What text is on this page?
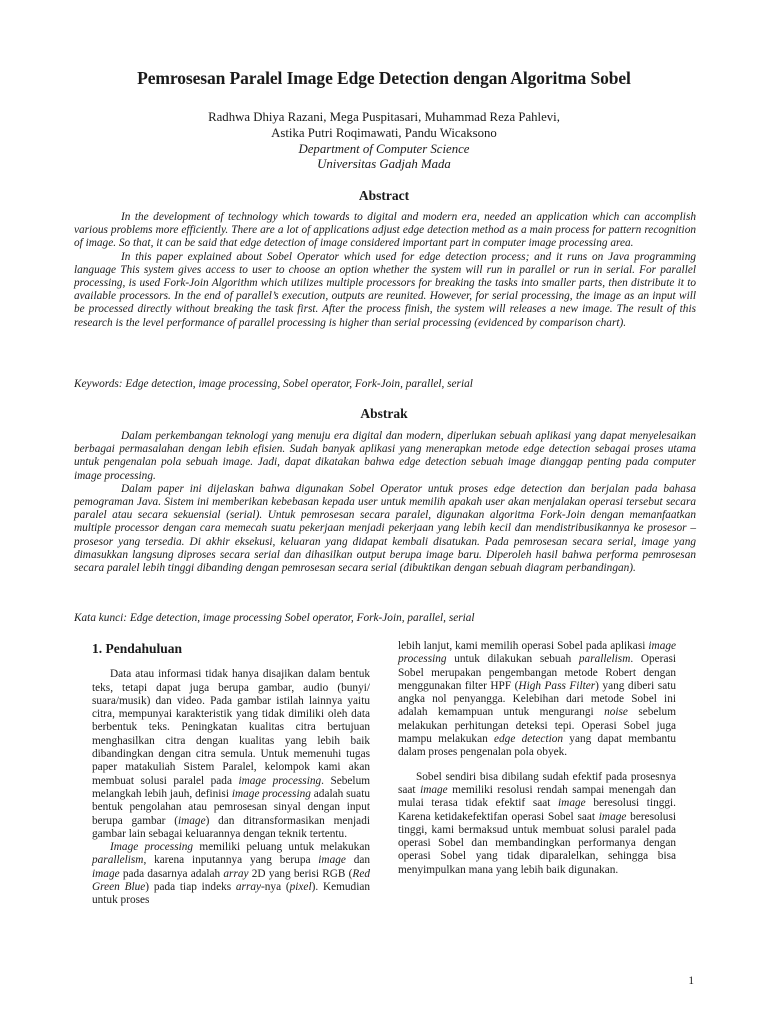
Pemrosesan Paralel Image Edge Detection dengan Algoritma Sobel
Radhwa Dhiya Razani, Mega Puspitasari, Muhammad Reza Pahlevi,
Astika Putri Roqimawati, Pandu Wicaksono
Department of Computer Science
Universitas Gadjah Mada
Abstract

In the development of technology which towards to digital and modern era, needed an application which can accomplish various problems more efficiently. There are a lot of applications adjust edge detection method as a main process for pattern recognition of image. So that, it can be said that edge detection of image considered important part in computer image processing area.

In this paper explained about Sobel Operator which used for edge detection process; and it runs on Java programming language This system gives access to user to choose an option whether the system will run in parallel or run in serial. For parallel processing, is used Fork-Join Algorithm which utilizes multiple processors for breaking the tasks into smaller parts, then distribute it to available processors. In the end of parallel’s execution, outputs are reunited. However, for serial processing, the image as an input will be processed directly without breaking the task first. After the process finish, the system will releases a new image. The result of this research is the level performance of parallel processing is higher than serial processing (evidenced by comparison chart).

Keywords: Edge detection, image processing, Sobel operator, Fork-Join, parallel, serial
Abstrak

Dalam perkembangan teknologi yang menuju era digital dan modern, diperlukan sebuah aplikasi yang dapat menyelesaikan berbagai permasalahan dengan lebih efisien. Sudah banyak aplikasi yang menerapkan metode edge detection sebagai proses utama untuk pengenalan pola sebuah image. Jadi, dapat dikatakan bahwa edge detection sebuah image dianggap penting pada computer image processing.

Dalam paper ini dijelaskan bahwa digunakan Sobel Operator untuk proses edge detection dan berjalan pada bahasa pemograman Java. Sistem ini memberikan kebebasan kepada user untuk memilih apakah user akan menjalakan operasi tersebut secara paralel atau secara sekuensial (serial). Untuk pemrosesan secara paralel, digunakan algoritma Fork-Join dengan memanfaatkan multiple processor dengan cara memecah suatu pekerjaan menjadi pekerjaan yang lebih kecil dan mendistribusikannya ke prosesor – prosesor yang tersedia. Di akhir eksekusi, keluaran yang didapat kembali disatukan. Pada pemrosesan secara serial, image yang dimasukkan langsung diproses secara serial dan dihasilkan output berupa image baru. Diperoleh hasil bahwa performa pemrosesan secara paralel lebih tinggi dibanding dengan pemrosesan secara serial (dibuktikan dengan sebuah diagram perbandingan).

Kata kunci: Edge detection, image processing Sobel operator, Fork-Join, parallel, serial
1. Pendahuluan

Data atau informasi tidak hanya disajikan dalam bentuk teks, tetapi dapat juga berupa gambar, audio (bunyi/ suara/musik) dan video. Pada gambar istilah lainnya yaitu citra, mempunyai karakteristik yang tidak dimiliki oleh data berbentuk teks. Peningkatan kualitas citra bertujuan menghasilkan citra dengan kualitas yang lebih baik dibandingkan dengan citra semula. Untuk memenuhi tugas paper matakuliah Sistem Paralel, kelompok kami akan membuat solusi paralel pada image processing. Sebelum melangkah lebih jauh, definisi image processing adalah suatu bentuk pengolahan atau pemrosesan sinyal dengan input berupa gambar (image) dan ditransformasikan menjadi gambar lain sebagai keluarannya dengan teknik tertentu.

Image processing memiliki peluang untuk melakukan parallelism, karena inputannya yang berupa image dan image pada dasarnya adalah array 2D yang berisi RGB (Red Green Blue) pada tiap indeks array-nya (pixel). Kemudian untuk proses

lebih lanjut, kami memilih operasi Sobel pada aplikasi image processing untuk dilakukan sebuah parallelism. Operasi Sobel merupakan pengembangan metode Robert dengan menggunakan filter HPF (High Pass Filter) yang diberi satu angka nol penyangga. Kelebihan dari metode Sobel ini adalah kemampuan untuk mengurangi noise sebelum melakukan perhitungan deteksi tepi. Operasi Sobel juga mampu melakukan edge detection yang dapat membantu dalam proses pengenalan pola obyek.

Sobel sendiri bisa dibilang sudah efektif pada prosesnya saat image memiliki resolusi rendah sampai menengah dan mulai terasa tidak efektif saat image beresolusi tinggi. Karena ketidakefektifan operasi Sobel saat image beresolusi tinggi, kami bermaksud untuk membuat solusi paralel pada operasi Sobel dan membandingkan performanya dengan operasi Sobel yang tidak diparalelkan, sehingga bisa menyimpulkan mana yang lebih baik digunakan.

1
